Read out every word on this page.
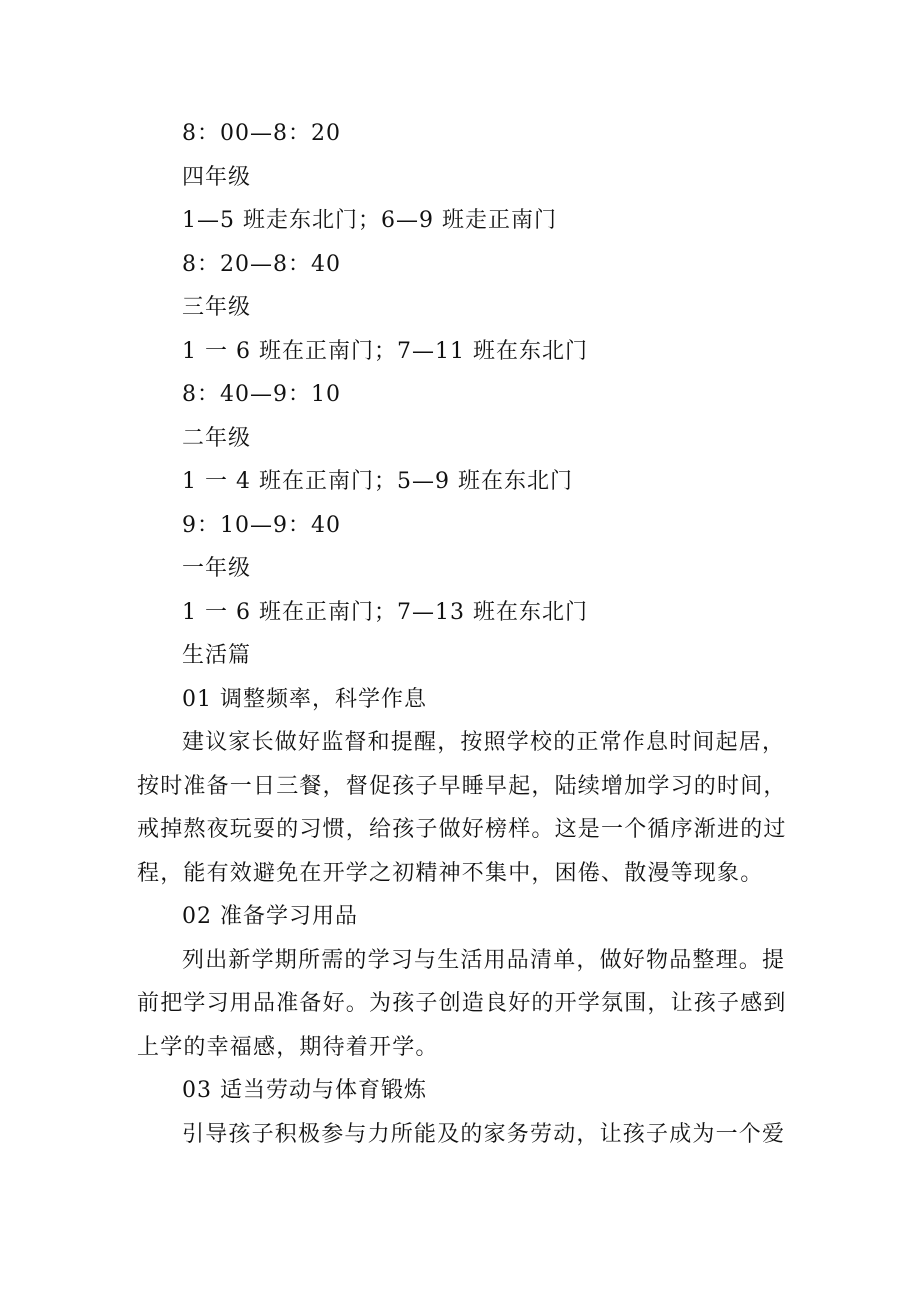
8：00—8：20
四年级
1—5 班走东北门；6—9 班走正南门
8：20—8：40
三年级
1 一 6 班在正南门；7—11 班在东北门
8：40—9：10
二年级
1 一 4 班在正南门；5—9 班在东北门
9：10—9：40
一年级
1 一 6 班在正南门；7—13 班在东北门
生活篇
01 调整频率，科学作息
建议家长做好监督和提醒，按照学校的正常作息时间起居，
按时准备一日三餐，督促孩子早睡早起，陆续增加学习的时间，
戒掉熬夜玩耍的习惯，给孩子做好榜样。这是一个循序渐进的过
程，能有效避免在开学之初精神不集中，困倦、散漫等现象。
02 准备学习用品
列出新学期所需的学习与生活用品清单，做好物品整理。提
前把学习用品准备好。为孩子创造良好的开学氛围，让孩子感到
上学的幸福感，期待着开学。
03 适当劳动与体育锻炼
引导孩子积极参与力所能及的家务劳动，让孩子成为一个爱
